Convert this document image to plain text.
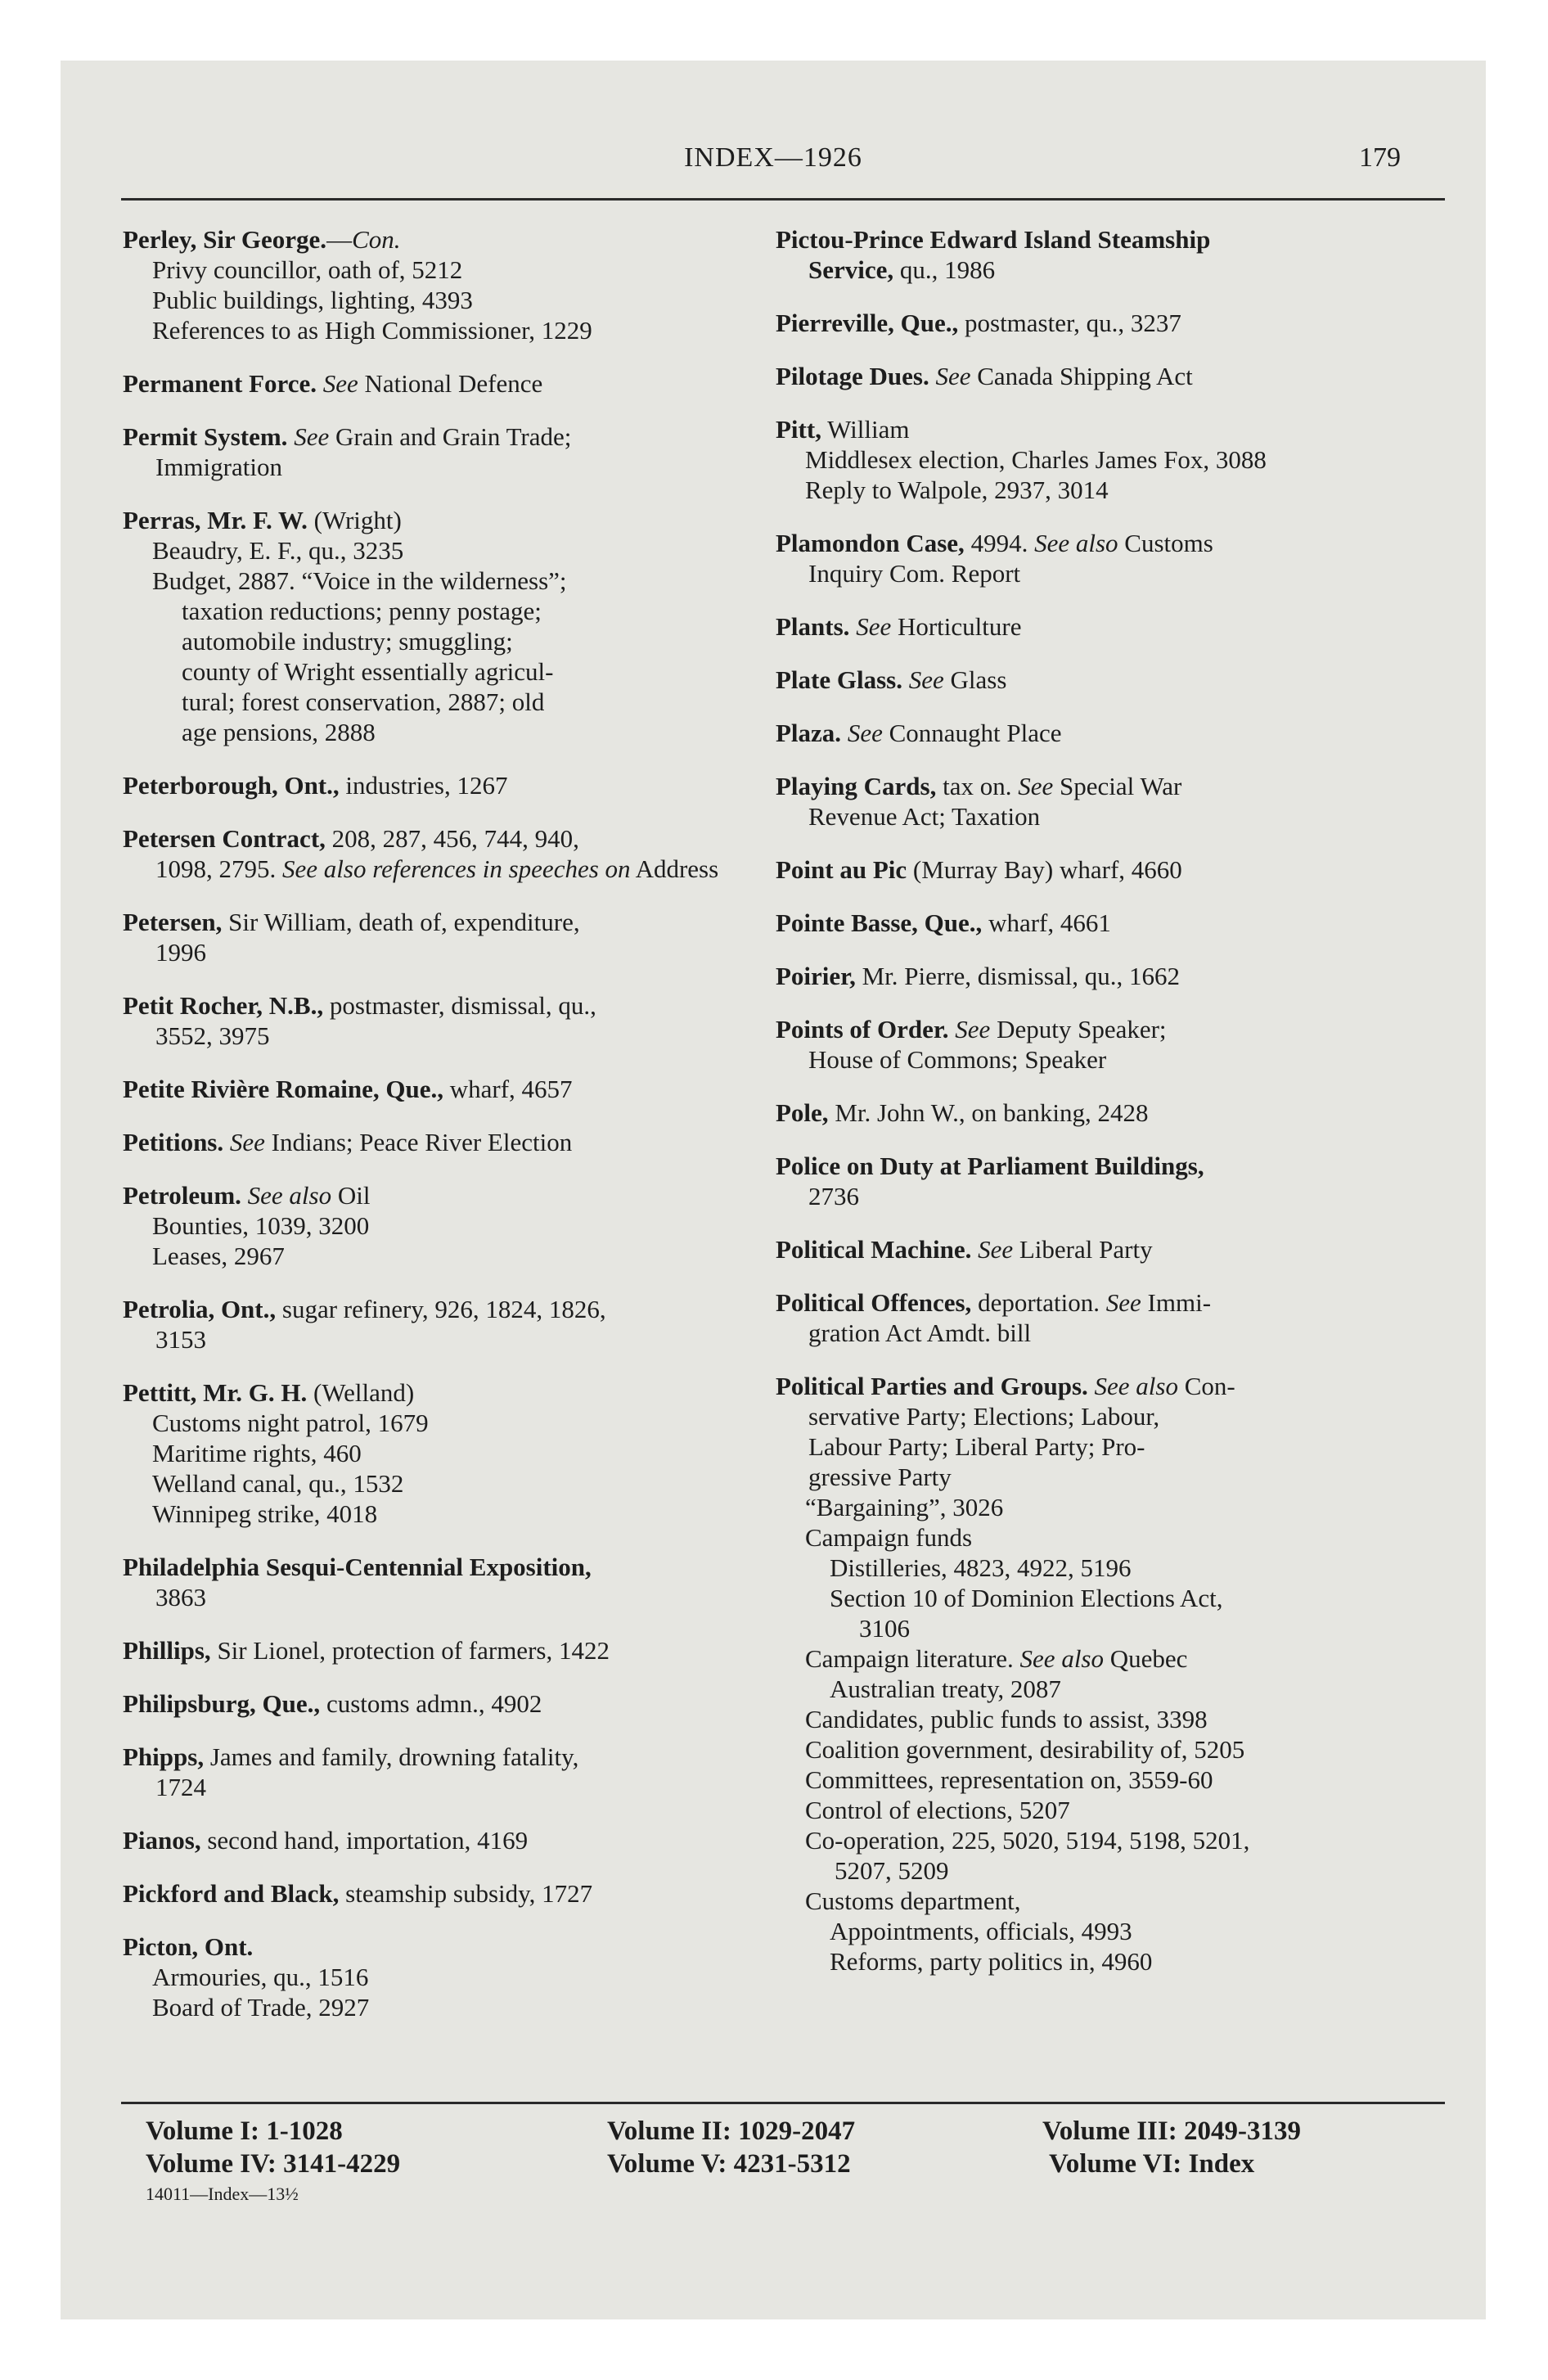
INDEX—1926	179
Perley, Sir George.—Con.
Privy councillor, oath of, 5212
Public buildings, lighting, 4393
References to as High Commissioner, 1229
Permanent Force. See National Defence
Permit System. See Grain and Grain Trade;
Immigration
Perras, Mr. F. W. (Wright)
Beaudry, E. F., qu., 3235
Budget, 2887. “Voice in the wilderness”;
taxation reductions; penny postage;
automobile industry; smuggling;
county of Wright essentially agricul-
tural; forest conservation, 2887; old
age pensions, 2888
Peterborough, Ont., industries, 1267
Petersen Contract, 208, 287, 456, 744, 940,
1098, 2795. See also references in speeches on Address
Petersen, Sir William, death of, expenditure,
1996
Petit Rocher, N.B., postmaster, dismissal, qu.,
3552, 3975
Petite Rivière Romaine, Que., wharf, 4657
Petitions. See Indians; Peace River Election
Petroleum. See also Oil
Bounties, 1039, 3200
Leases, 2967
Petrolia, Ont., sugar refinery, 926, 1824, 1826,
3153
Pettitt, Mr. G. H. (Welland)
Customs night patrol, 1679
Maritime rights, 460
Welland canal, qu., 1532
Winnipeg strike, 4018
Philadelphia Sesqui-Centennial Exposition,
3863
Phillips, Sir Lionel, protection of farmers, 1422
Philipsburg, Que., customs admn., 4902
Phipps, James and family, drowning fatality,
1724
Pianos, second hand, importation, 4169
Pickford and Black, steamship subsidy, 1727
Picton, Ont.
Armouries, qu., 1516
Board of Trade, 2927
Pictou-Prince Edward Island Steamship
Service, qu., 1986
Pierreville, Que., postmaster, qu., 3237
Pilotage Dues. See Canada Shipping Act
Pitt, William
Middlesex election, Charles James Fox, 3088
Reply to Walpole, 2937, 3014
Plamondon Case, 4994. See also Customs
Inquiry Com. Report
Plants. See Horticulture
Plate Glass. See Glass
Plaza. See Connaught Place
Playing Cards, tax on. See Special War
Revenue Act; Taxation
Point au Pic (Murray Bay) wharf, 4660
Pointe Basse, Que., wharf, 4661
Poirier, Mr. Pierre, dismissal, qu., 1662
Points of Order. See Deputy Speaker;
House of Commons; Speaker
Pole, Mr. John W., on banking, 2428
Police on Duty at Parliament Buildings,
2736
Political Machine. See Liberal Party
Political Offences, deportation. See Immi-
gration Act Amdt. bill
Political Parties and Groups. See also Con-
servative Party; Elections; Labour,
Labour Party; Liberal Party; Pro-
gressive Party
“Bargaining”, 3026
Campaign funds
Distilleries, 4823, 4922, 5196
Section 10 of Dominion Elections Act,
3106
Campaign literature. See also Quebec
Australian treaty, 2087
Candidates, public funds to assist, 3398
Coalition government, desirability of, 5205
Committees, representation on, 3559-60
Control of elections, 5207
Co-operation, 225, 5020, 5194, 5198, 5201,
5207, 5209
Customs department,
Appointments, officials, 4993
Reforms, party politics in, 4960
Volume I: 1-1028	Volume II: 1029-2047	Volume III: 2049-3139
Volume IV: 3141-4229	Volume V: 4231-5312	Volume VI: Index
14011—Index—13½
